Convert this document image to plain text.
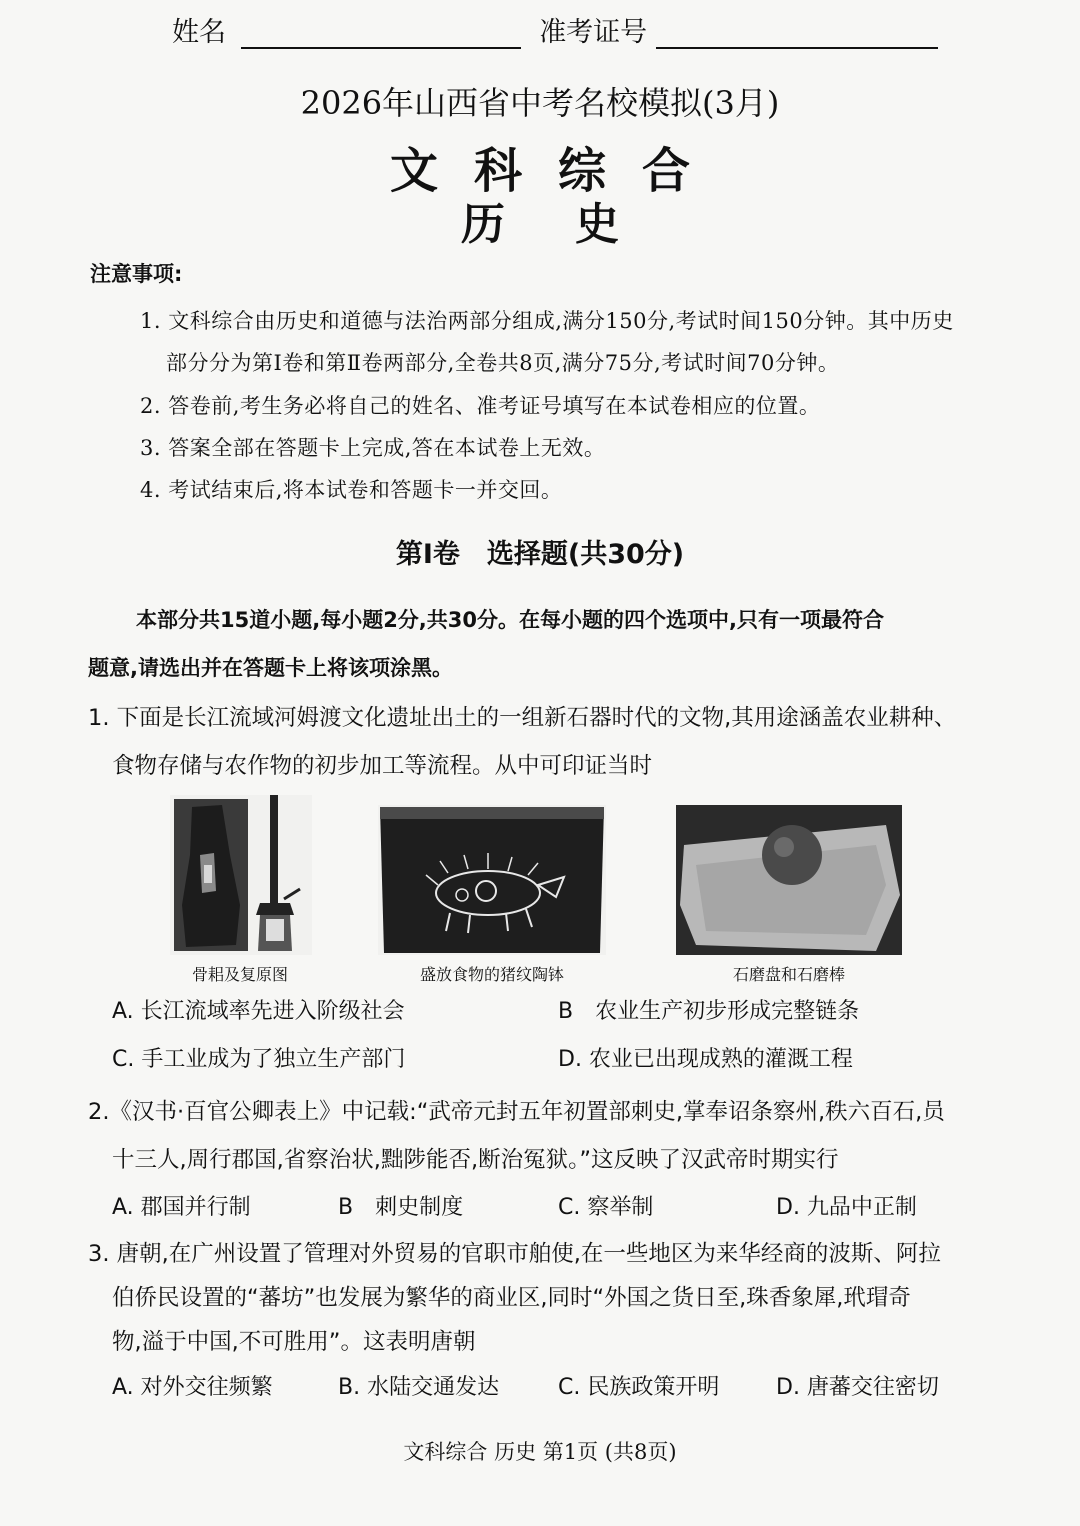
姓名	准考证号
2026年山西省中考名校模拟(3月)
文科综合
历史
注意事项:
1. 文科综合由历史和道德与法治两部分组成,满分150分,考试时间150分钟。其中历史
部分分为第Ⅰ卷和第Ⅱ卷两部分,全卷共8页,满分75分,考试时间70分钟。
2. 答卷前,考生务必将自己的姓名、准考证号填写在本试卷相应的位置。
3. 答案全部在答题卡上完成,答在本试卷上无效。
4. 考试结束后,将本试卷和答题卡一并交回。
第Ⅰ卷　选择题(共30分)
本部分共15道小题,每小题2分,共30分。在每小题的四个选项中,只有一项最符合
题意,请选出并在答题卡上将该项涂黑。
1. 下面是长江流域河姆渡文化遗址出土的一组新石器时代的文物,其用途涵盖农业耕种、
食物存储与农作物的初步加工等流程。从中可印证当时
骨耜及复原图	盛放食物的猪纹陶钵	石磨盘和石磨棒
A. 长江流域率先进入阶级社会	B　农业生产初步形成完整链条
C. 手工业成为了独立生产部门	D. 农业已出现成熟的灌溉工程
2.《汉书·百官公卿表上》中记载:“武帝元封五年初置部刺史,掌奉诏条察州,秩六百石,员
十三人,周行郡国,省察治状,黜陟能否,断治冤狱。”这反映了汉武帝时期实行
A. 郡国并行制	B　刺史制度	C. 察举制	D. 九品中正制
3. 唐朝,在广州设置了管理对外贸易的官职市舶使,在一些地区为来华经商的波斯、阿拉
伯侨民设置的“蕃坊”也发展为繁华的商业区,同时“外国之货日至,珠香象犀,玳瑁奇
物,溢于中国,不可胜用”。这表明唐朝
A. 对外交往频繁	B. 水陆交通发达	C. 民族政策开明	D. 唐蕃交往密切
文科综合 历史 第1页 (共8页)
